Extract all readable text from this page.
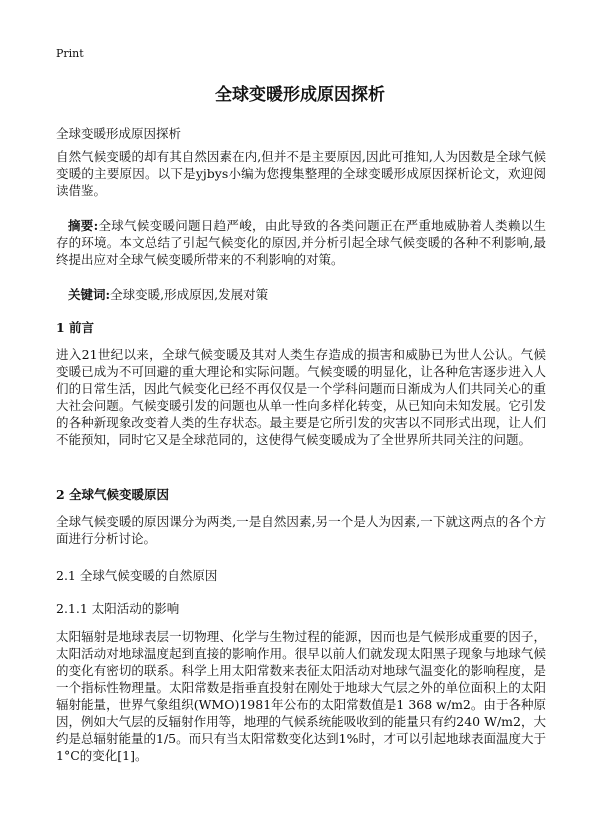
Print
全球变暖形成原因探析
全球变暖形成原因探析
自然气候变暖的却有其自然因素在内,但并不是主要原因,因此可推知,人为因数是全球气候变暖的主要原因。以下是yjbys小编为您搜集整理的全球变暖形成原因探析论文，欢迎阅读借鉴。
摘要:全球气候变暖问题日趋严峻，由此导致的各类问题正在严重地威胁着人类赖以生存的环境。本文总结了引起气候变化的原因,并分析引起全球气候变暖的各种不利影响,最终提出应对全球气候变暖所带来的不利影响的对策。
关键词:全球变暖,形成原因,发展对策
1 前言
进入21世纪以来，全球气候变暖及其对人类生存造成的损害和威胁已为世人公认。气候变暖已成为不可回避的重大理论和实际问题。气候变暖的明显化，让各种危害逐步进入人们的日常生活，因此气候变化已经不再仅仅是一个学科问题而日渐成为人们共同关心的重大社会问题。气候变暖引发的问题也从单一性向多样化转变，从已知向未知发展。它引发的各种新现象改变着人类的生存状态。最主要是它所引发的灾害以不同形式出现，让人们不能预知，同时它又是全球范同的，这使得气候变暖成为了全世界所共同关注的问题。
2 全球气候变暖原因
全球气候变暖的原因课分为两类,一是自然因素,另一个是人为因素,一下就这两点的各个方面进行分析讨论。
2.1 全球气候变暖的自然原因
2.1.1 太阳活动的影响
太阳辐射是地球表层一切物理、化学与生物过程的能源，因而也是气候形成重要的因子，太阳活动对地球温度起到直接的影响作用。很早以前人们就发现太阳黑子现象与地球气候的变化有密切的联系。科学上用太阳常数来表征太阳活动对地球气温变化的影响程度，是一个指标性物理量。太阳常数是指垂直投射在刚处于地球大气层之外的单位面积上的太阳辐射能量，世界气象组织(WMO)1981年公布的太阳常数值是1 368 w/m2。由于各种原因，例如大气层的反辐射作用等，地理的气候系统能吸收到的能量只有约240 W/m2，大约是总辐射能量的1/5。而只有当太阳常数变化达到1%时，才可以引起地球表面温度大于1°C的变化[1]。
